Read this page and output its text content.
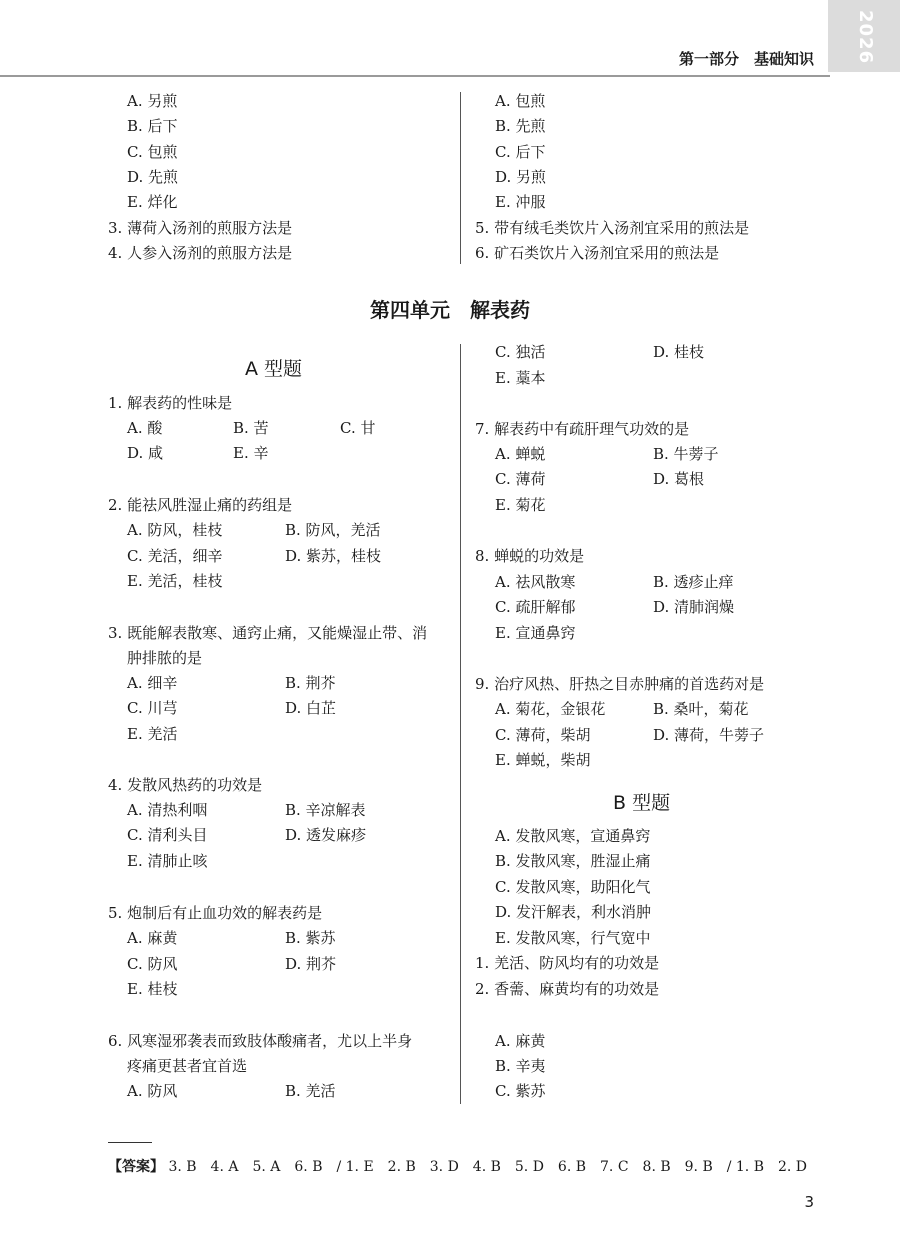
2026
第一部分　基础知识
A. 另煎
B. 后下
C. 包煎
D. 先煎
E. 烊化
3. 薄荷入汤剂的煎服方法是
4. 人参入汤剂的煎服方法是
A. 包煎
B. 先煎
C. 后下
D. 另煎
E. 冲服
5. 带有绒毛类饮片入汤剂宜采用的煎法是
6. 矿石类饮片入汤剂宜采用的煎法是
第四单元　解表药
A 型题
1. 解表药的性味是
A. 酸	B. 苦	C. 甘
D. 咸	E. 辛
2. 能祛风胜湿止痛的药组是
A. 防风，桂枝	B. 防风，羌活
C. 羌活，细辛	D. 紫苏，桂枝
E. 羌活，桂枝
3. 既能解表散寒、通窍止痛，又能燥湿止带、消
肿排脓的是
A. 细辛	B. 荆芥
C. 川芎	D. 白芷
E. 羌活
4. 发散风热药的功效是
A. 清热利咽	B. 辛凉解表
C. 清利头目	D. 透发麻疹
E. 清肺止咳
5. 炮制后有止血功效的解表药是
A. 麻黄	B. 紫苏
C. 防风	D. 荆芥
E. 桂枝
6. 风寒湿邪袭表而致肢体酸痛者，尤以上半身
疼痛更甚者宜首选
A. 防风	B. 羌活
C. 独活	D. 桂枝
E. 藁本
7. 解表药中有疏肝理气功效的是
A. 蝉蜕	B. 牛蒡子
C. 薄荷	D. 葛根
E. 菊花
8. 蝉蜕的功效是
A. 祛风散寒	B. 透疹止痒
C. 疏肝解郁	D. 清肺润燥
E. 宣通鼻窍
9. 治疗风热、肝热之目赤肿痛的首选药对是
A. 菊花，金银花	B. 桑叶，菊花
C. 薄荷，柴胡	D. 薄荷，牛蒡子
E. 蝉蜕，柴胡
B 型题
A. 发散风寒，宣通鼻窍
B. 发散风寒，胜湿止痛
C. 发散风寒，助阳化气
D. 发汗解表，利水消肿
E. 发散风寒，行气宽中
1. 羌活、防风均有的功效是
2. 香薷、麻黄均有的功效是
A. 麻黄
B. 辛夷
C. 紫苏
【答案】 3. B　4. A　5. A　6. B　/ 1. E　2. B　3. D　4. B　5. D　6. B　7. C　8. B　9. B　/ 1. B　2. D
3
